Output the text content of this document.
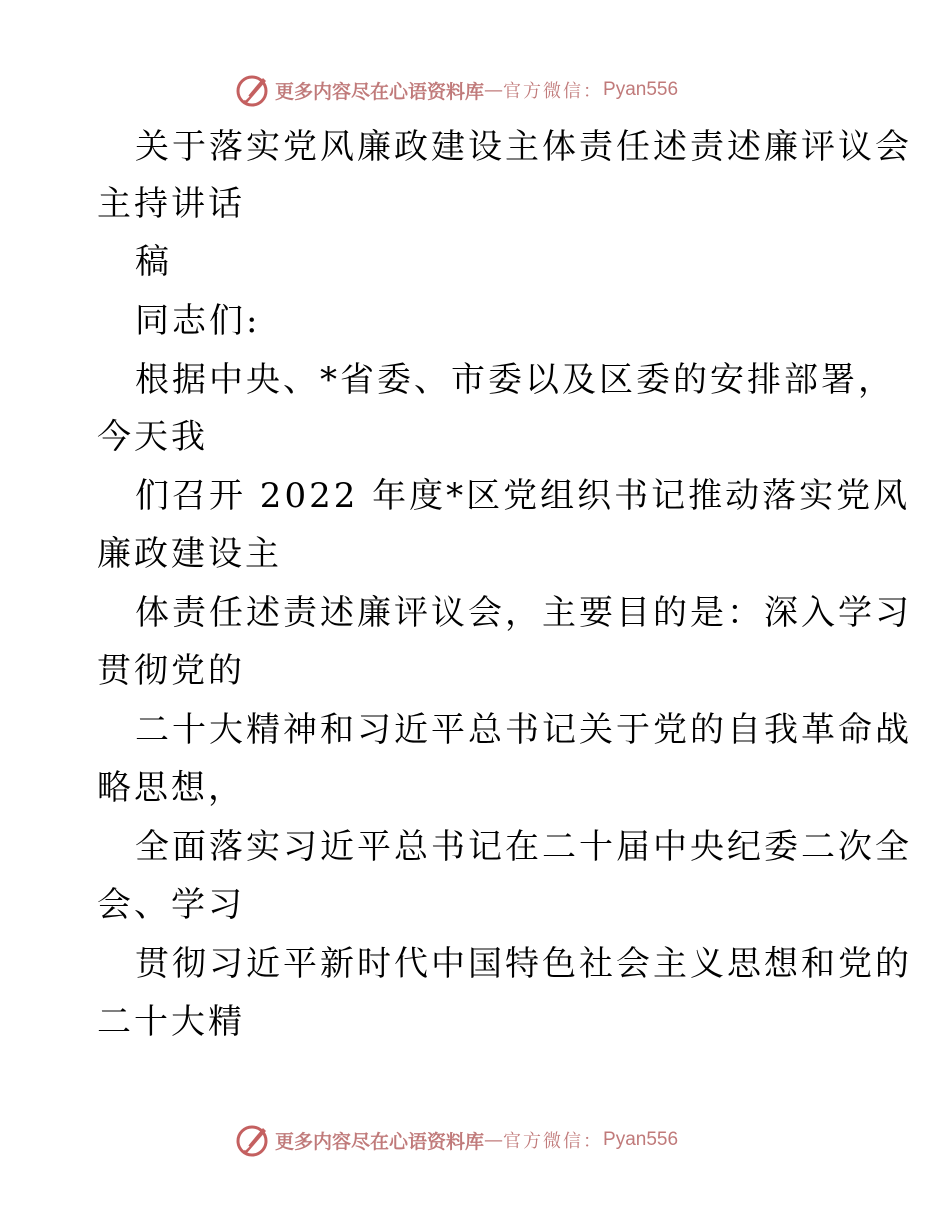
更多内容尽在心语资料库 — 官方微信： Pyan556
关于落实党风廉政建设主体责任述责述廉评议会
主持讲话
稿
同志们:
根据中央、*省委、市委以及区委的安排部署，
今天我
们召开 2022 年度*区党组织书记推动落实党风
廉政建设主
体责任述责述廉评议会，主要目的是：深入学习
贯彻党的
二十大精神和习近平总书记关于党的自我革命战
略思想，
全面落实习近平总书记在二十届中央纪委二次全
会、学习
贯彻习近平新时代中国特色社会主义思想和党的
二十大精
更多内容尽在心语资料库 — 官方微信： Pyan556
